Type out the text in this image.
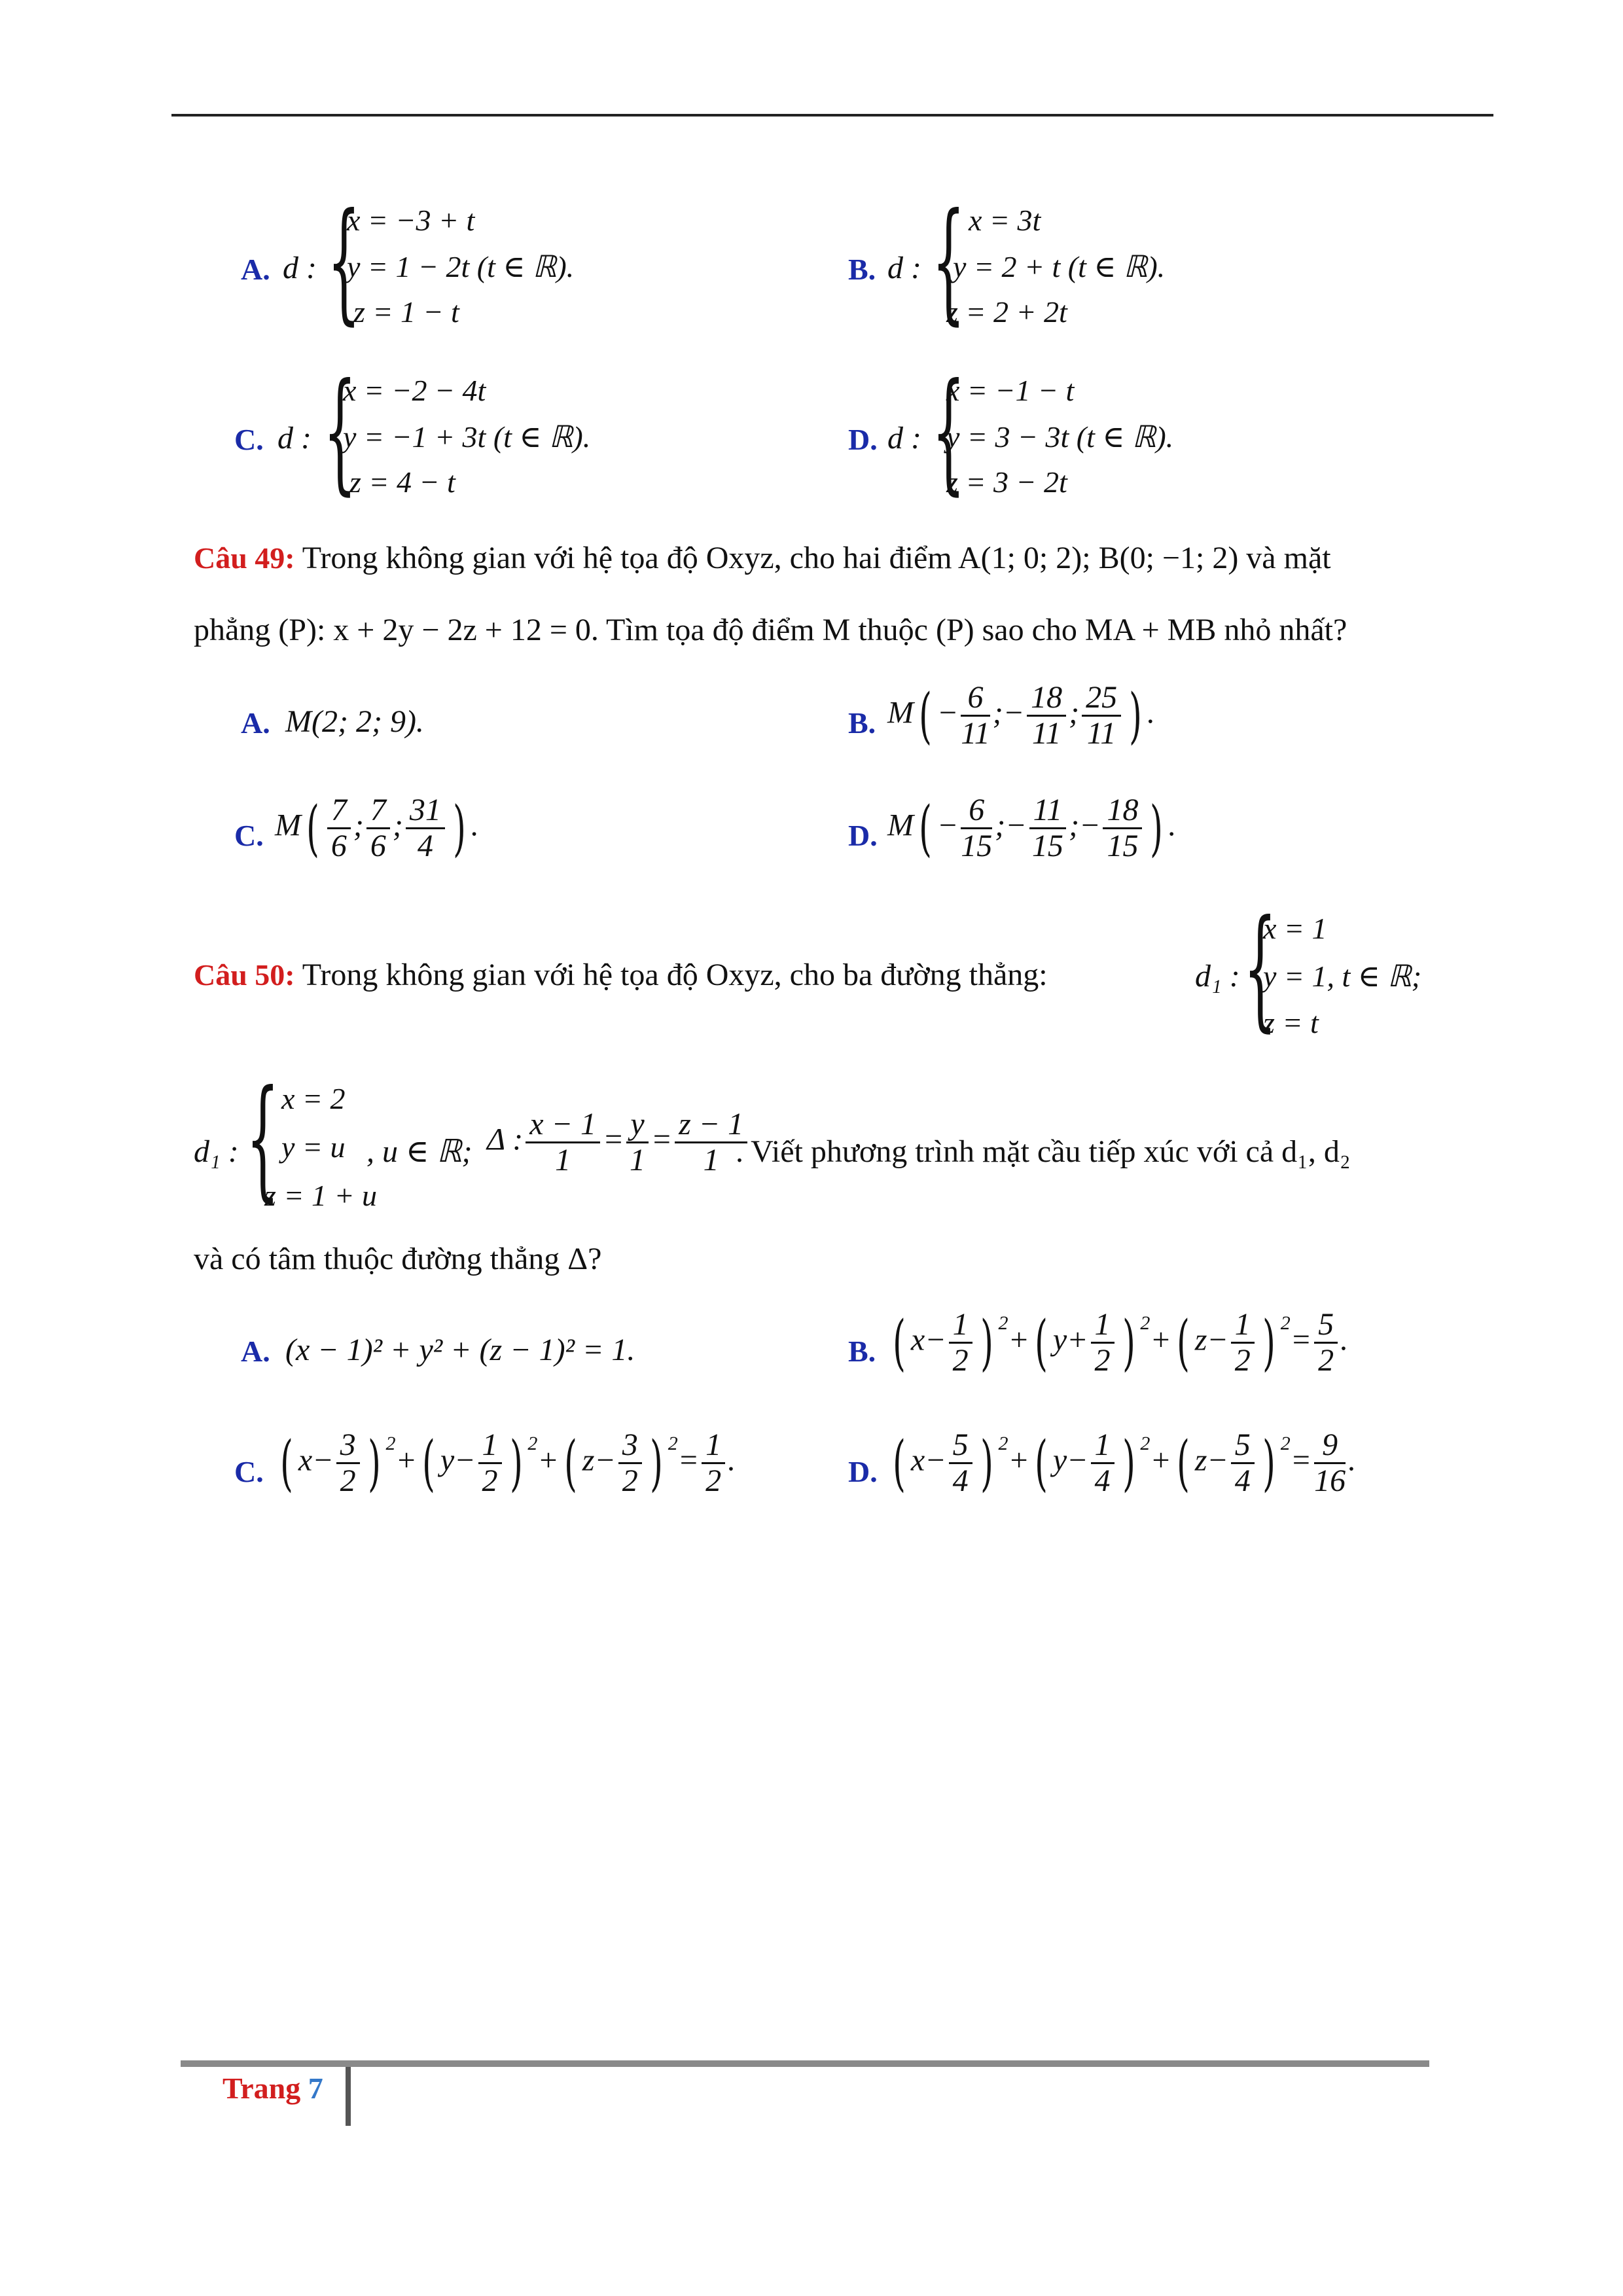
A. d : {
x = −3 + t
y = 1 − 2t (t ∈ ℝ).
z = 1 − t
B. d : { x = 3t
y = 2 + t (t ∈ ℝ).
z = 2 + 2t
C. d : {
x = −2 − 4t
y = −1 + 3t (t ∈ ℝ).
z = 4 − t
D. d : {
x = −1 − t
y = 3 − 3t (t ∈ ℝ).
z = 3 − 2t
Câu 49: Trong không gian với hệ tọa độ Oxyz, cho hai điểm A(1; 0; 2); B(0; −1; 2) và mặt
phẳng (P): x + 2y − 2z + 12 = 0. Tìm tọa độ điểm M thuộc (P) sao cho MA + MB nhỏ nhất?
A. M(2; 2; 9).	B. $M( - \frac{6}{11}$ ;− $\frac{18}{11}$ ; $\frac{25}{11}$ ) .
C. $M( \frac{7}{6}$ ; $\frac{7}{6}$ ; $\frac{31}{4}$ ) .	D. $M( - \frac{6}{15}$ ;− $\frac{11}{15}$ ;− $\frac{18}{15}$ ) .
Câu 50: Trong không gian với hệ tọa độ Oxyz, cho ba đường thẳng:	d₁ : {
x = 1
y = 1, t ∈ ℝ;
z = t
d₁ : { x = 2
y = u
z = 1 + u
, u ∈ ℝ; Δ : $\frac{x - 1}{1} = \frac{y}{1} = \frac{z - 1}{1}$
. Viết phương trình mặt cầu tiếp xúc với cả d₁, d₂
và có tâm thuộc đường thẳng Δ?
A. (x − 1)² + y² + (z − 1)² = 1.	B. ( $x- \frac{1}{2}$ ) $^2$+( $y+ \frac{1}{2}$ ) $^2$+( $z- \frac{1}{2}$ ) $^2= \frac{5}{2}$ .
C. ( $x- \frac{3}{2}$ ) $^2$+( $y- \frac{1}{2}$ ) $^2$+( $z- \frac{3}{2}$ ) $^2= \frac{1}{2}$ .	D. ( $x- \frac{5}{4}$ ) $^2$+( $y- \frac{1}{4}$ ) $^2$+( $z- \frac{5}{4}$ ) $^2= \frac{9}{16}$ .
Trang 7
